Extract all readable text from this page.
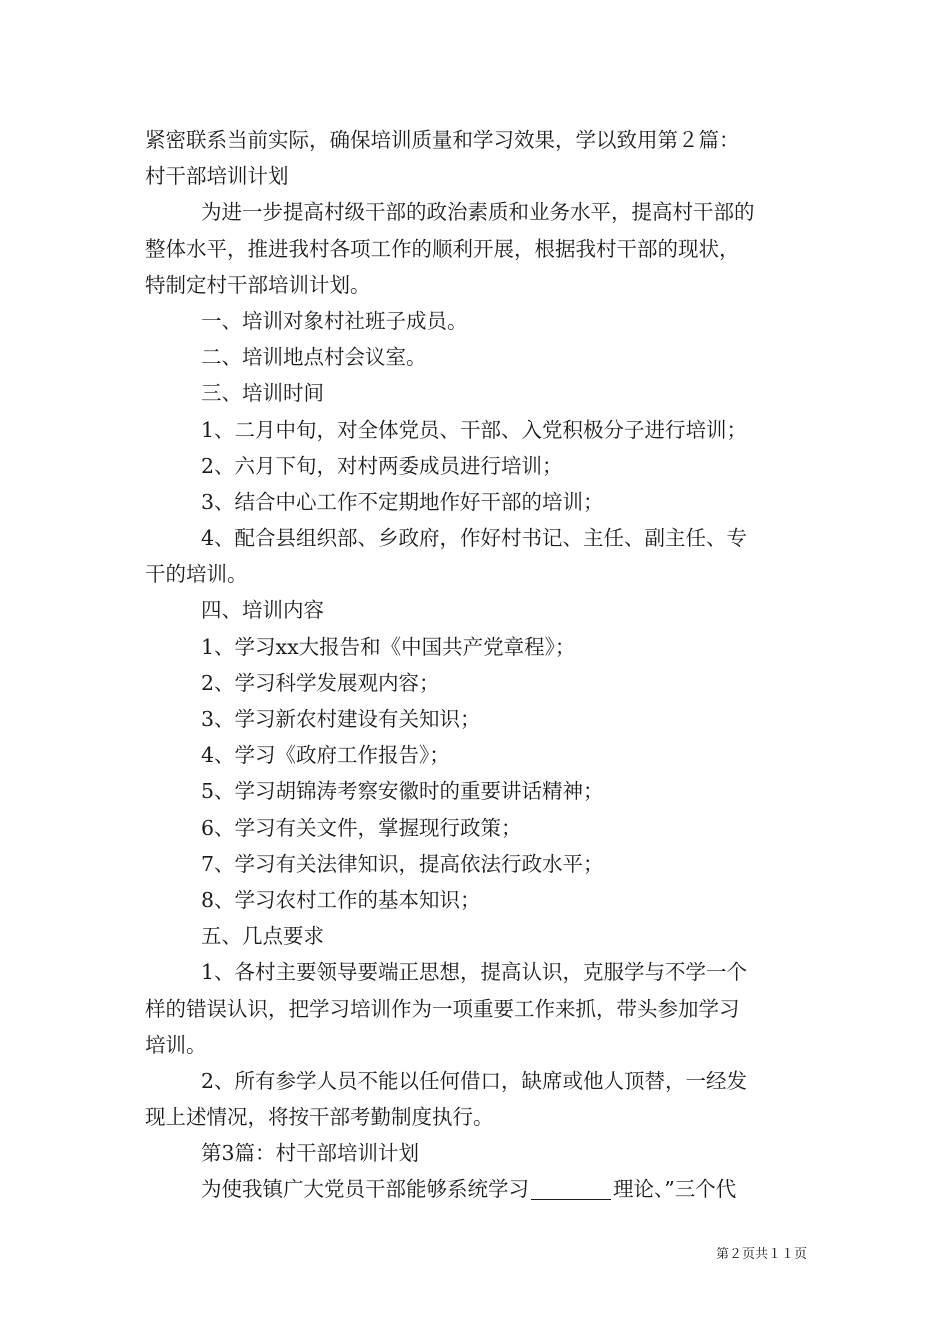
紧密联系当前实际，确保培训质量和学习效果，学以致用第２篇：
村干部培训计划
为进一步提高村级干部的政治素质和业务水平，提高村干部的
整体水平，推进我村各项工作的顺利开展，根据我村干部的现状，
特制定村干部培训计划。
一、培训对象村社班子成员。
二、培训地点村会议室。
三、培训时间
1、二月中旬，对全体党员、干部、入党积极分子进行培训；
2、六月下旬，对村两委成员进行培训；
3、结合中心工作不定期地作好干部的培训；
4、配合县组织部、乡政府，作好村书记、主任、副主任、专
干的培训。
四、培训内容
1、学习xx大报告和《中国共产党章程》；
2、学习科学发展观内容；
3、学习新农村建设有关知识；
4、学习《政府工作报告》；
5、学习胡锦涛考察安徽时的重要讲话精神；
6、学习有关文件，掌握现行政策；
7、学习有关法律知识，提高依法行政水平；
8、学习农村工作的基本知识；
五、几点要求
1、各村主要领导要端正思想，提高认识，克服学与不学一个
样的错误认识，把学习培训作为一项重要工作来抓，带头参加学习
培训。
2、所有参学人员不能以任何借口，缺席或他人顶替，一经发
现上述情况，将按干部考勤制度执行。
第3篇：村干部培训计划
为使我镇广大党员干部能够系统学习	理论、”三个代
第２页共１１页
